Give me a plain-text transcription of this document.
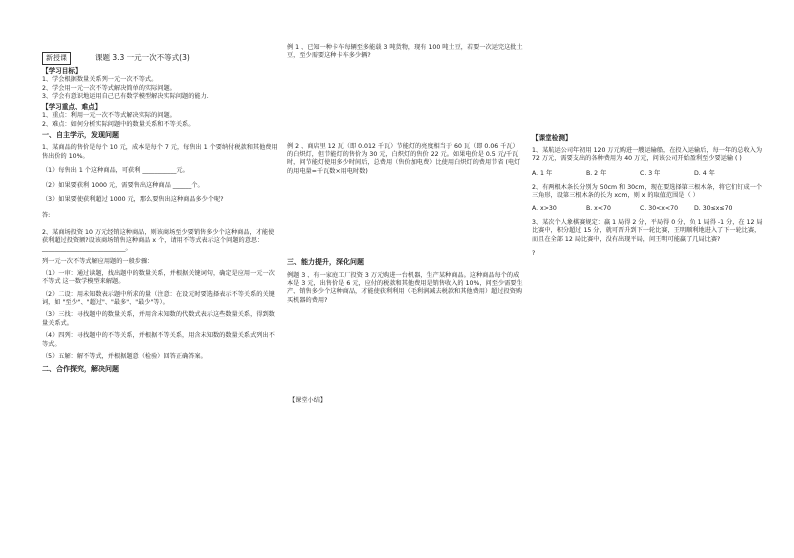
新授课	课题 3.3 一元一次不等式(3)

【学习目标】

1、学会根据数量关系列一元一次不等式。

2、学会用一元一次不等式解决简单的实际问题。

3、学会有意识地运用自己已有数学模型解决实际问题的能力.

【学习重点、难点】

1、重点：利用一元一次不等式解决实际的问题。

2、难点：如何分析实际问题中的数量关系和不等关系。

一、自主学示，发现问题

1、某商品的售价是每个 10 元，成本是每个 7 元，每售出 1 个要纳付税款和其他费用售出价的 10%。

（1）每售出 1 个这种商品，可获利 ___________元。

（2）如果要获利 1000 元，需要售出这种商品 ______个。

（3）如果要使获利超过 1000 元，那么要售出这种商品多少个呢?

答:

2、某商场投资 10 万元经销这种商品，则该商场至少要销售多少个这种商品，才能使获利超过投资额?设该商场销售这种商品 x 个，请用不等式表示这个问题的意思：___________________________。

列一元一次不等式解应用题的一般步骤：

（1）一审：通过读题，找出题中的数量关系，并根据关键词句，确定是应用一元一次不等式 这一数学模型来解题。

（2）二设：用未知数表示题中所求的量（注意：在设元时要选择表示不等关系的关键词，如 "至少"、"超过"、"最多"、"最少"等）。

（3）三找：寻找题中的数量关系，并用含未知数的代数式表示这些数量关系，得到数量关系式。

（4）四列：寻找题中的不等关系，并根据不等关系，用含未知数的数量关系式列出不等式。

（5）五解：解不等式，并根据题意（检验）回答正确答案。

二、合作探究，解决问题

例 1 、已知一种卡车每辆至多能载 3 吨货物，现有 100 吨土豆，若要一次运完这批土豆，至少需要这种卡车多少辆?

例 2 、商店里 12 瓦（即 0.012 千瓦）节能灯的亮度相当于 60 瓦（即 0.06 千瓦）的白炽灯，但节能灯的售价为 30 元，白炽灯的售价 22 元。如果电价是 0.5 元/千瓦时，问节能灯使用多少时间后，总费用（售价加电费）比使用白炽灯的费用节省 (电灯的用电量=千瓦数×用电时数)

三、能力提升，深化问题

例题 3 、有一家庭工厂投资 3 万元购进一台机器，生产某种商品。这种商品每个的成本是 3 元，出售价是 6 元，应付的税款和其他费用是销售收入的 10%，问至少需要生产、销售多少个这种商品，才能使获利利用（毛利润减去税款和其他费用）超过投资购买机器的费用?

【课堂小结】

【课堂检测】

1、某航运公司年初用 120 万元购进一艘运输船，在投入运输后，每一年的总收入为 72 万元，需要支出的各种费用为 40 万元，问该公司开始盈利至少要运输 ( )

A. 1 年	B. 2 年	C. 3 年	D. 4 年

2、有两根木条长分别为 50cm 和 30cm，现在要选择第三根木条，将它们钉成一个三角形，设第三根木条的长为 xcm，则 x 的取值范围是（ ）

A. x>30	B. x<70	C. 30<x<70	D. 30≤x≤70

3、某次个人象棋赛规定：赢 1 局得 2 分，平局得 0 分，负 1 局得 -1 分，在 12 局比赛中，积分超过 15 分，就可晋升到下一轮比赛，王明顺利地进入了下一轮比赛，而且在全部 12 局比赛中，没有出现平局，问王明可能赢了几局比赛?

?
